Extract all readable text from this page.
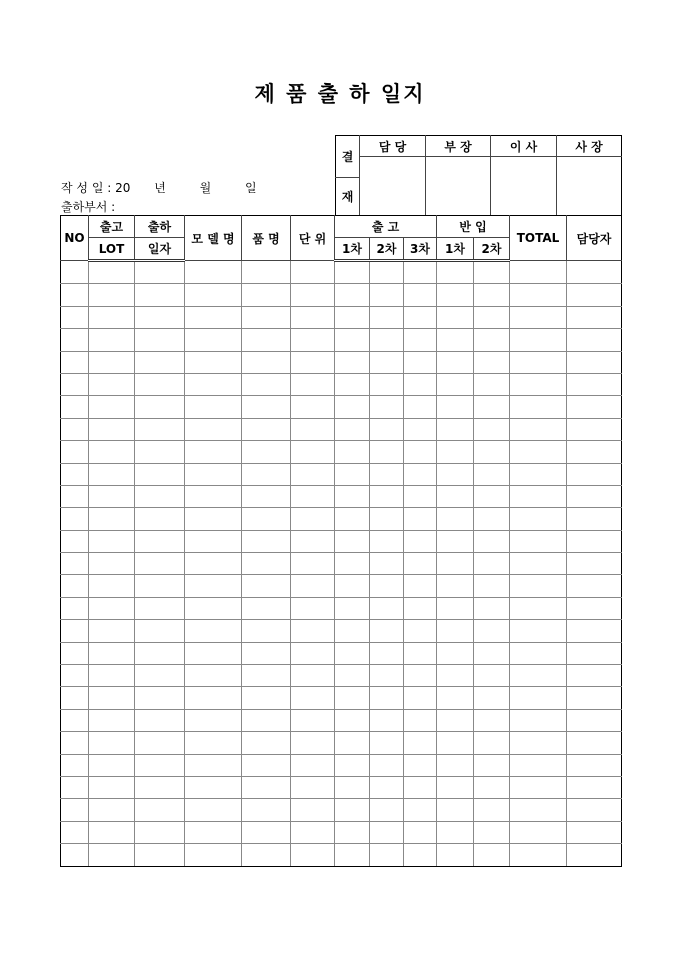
제 품 출 하 일지
결	담 당	부 장	이 사	사 장

재				
작 성 일 : 20 년	월	일
출하부서 :
NO	출고	출하	모 델 명	품 명	단 위	출 고			반 입		TOTAL	담당자
	LOT	일자				1차	2차	3차	1차	2차		
